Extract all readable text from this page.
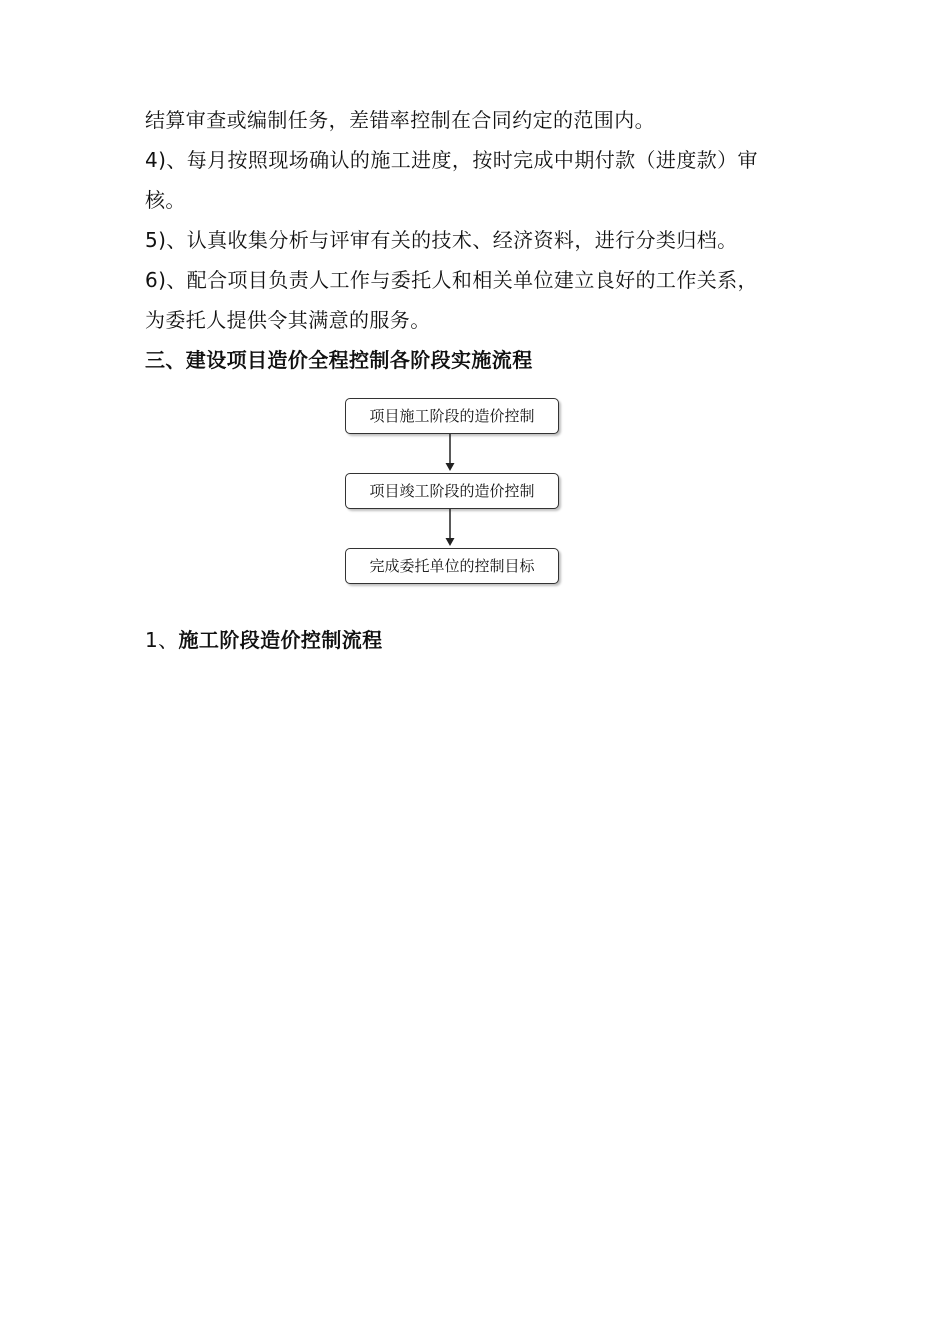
结算审查或编制任务，差错率控制在合同约定的范围内。
4)、每月按照现场确认的施工进度，按时完成中期付款（进度款）审
核。
5)、认真收集分析与评审有关的技术、经济资料，进行分类归档。
6)、配合项目负责人工作与委托人和相关单位建立良好的工作关系，
为委托人提供令其满意的服务。
三、建设项目造价全程控制各阶段实施流程
项目施工阶段的造价控制
项目竣工阶段的造价控制
完成委托单位的控制目标
1、施工阶段造价控制流程
